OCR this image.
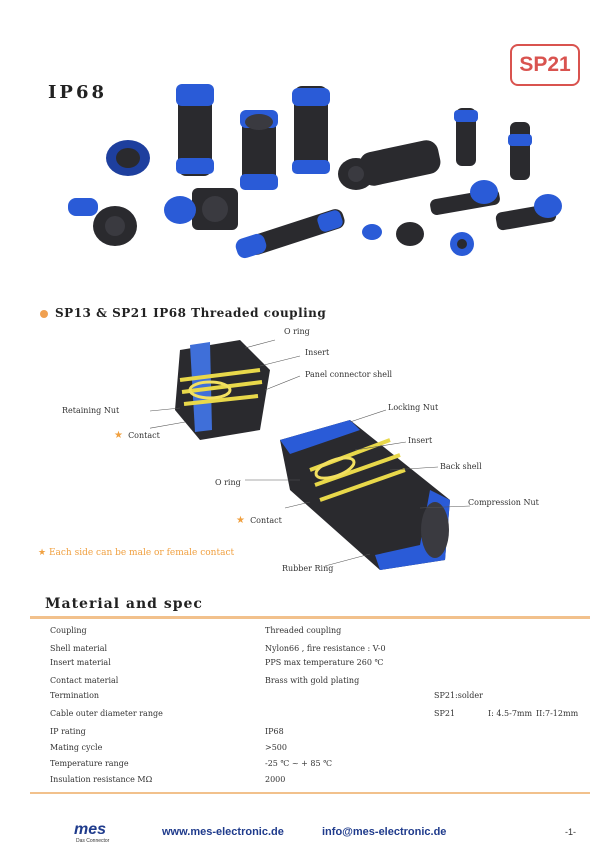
SP21
IP68
SP13 & SP21 IP68 Threaded coupling
O ring
Insert
Panel connector shell
Retaining Nut
★ Contact
Locking Nut
Insert
Back shell
O ring
Compression Nut
★ Contact
Rubber Ring
★ Each side can be male or female contact
Material and spec
Coupling	Threaded coupling
Shell material	Nylon66 , fire resistance : V-0
Insert material	PPS max temperature 260 ℃
Contact material	Brass with gold plating
Termination	SP21:solder
Cable outer diameter range	SP21	I: 4.5-7mm II:7-12mm
IP rating	IP68
Mating cycle	>500
Temperature range	-25 ℃ ~ + 85 ℃
Insulation resistance MΩ	2000
mes
Das Connector
www.mes-electronic.de	info@mes-electronic.de	-1-
